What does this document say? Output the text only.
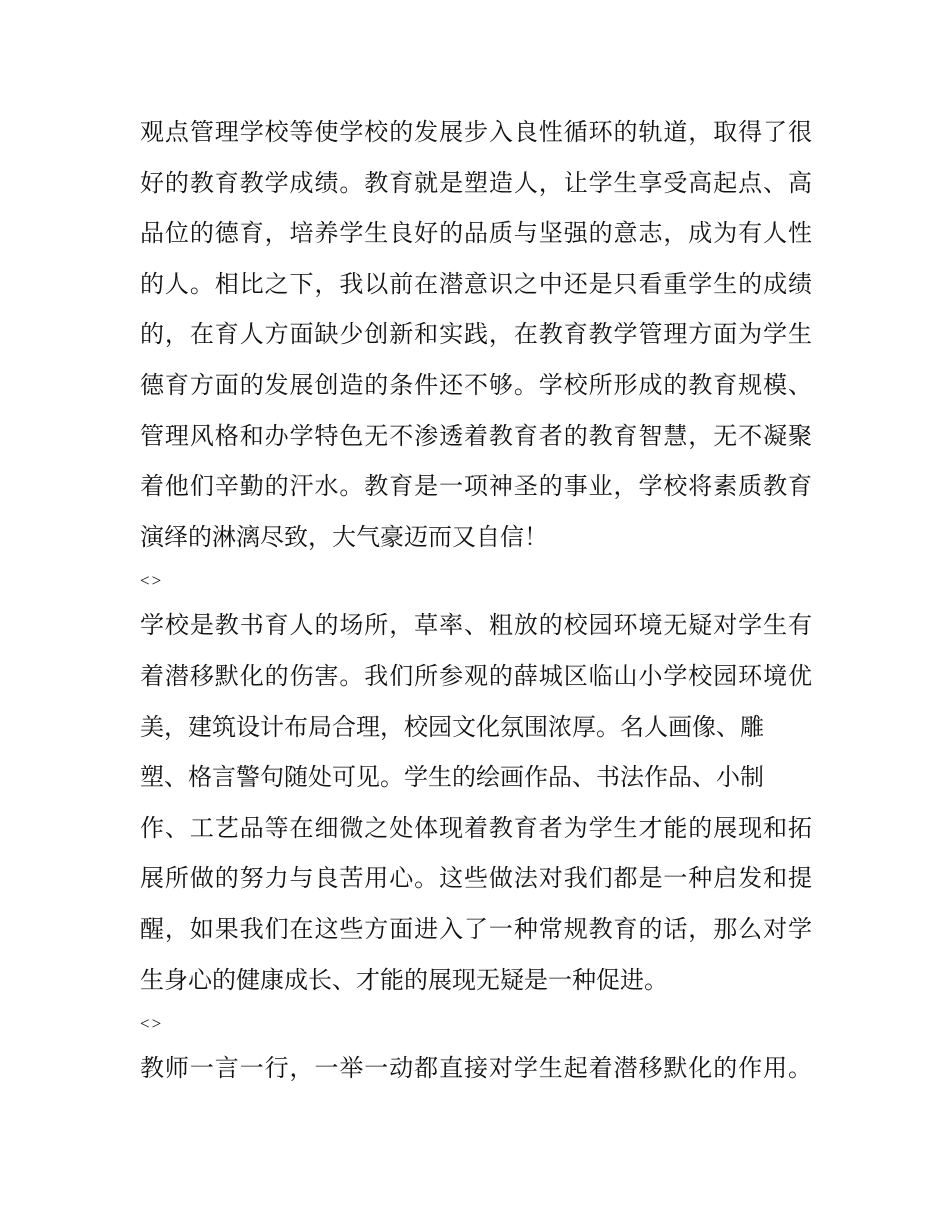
观点管理学校等使学校的发展步入良性循环的轨道，取得了很
好的教育教学成绩。教育就是塑造人，让学生享受高起点、高
品位的德育，培养学生良好的品质与坚强的意志，成为有人性
的人。相比之下，我以前在潜意识之中还是只看重学生的成绩
的，在育人方面缺少创新和实践，在教育教学管理方面为学生
德育方面的发展创造的条件还不够。学校所形成的教育规模、
管理风格和办学特色无不渗透着教育者的教育智慧，无不凝聚
着他们辛勤的汗水。教育是一项神圣的事业，学校将素质教育
演绎的淋漓尽致，大气豪迈而又自信！
<>
学校是教书育人的场所，草率、粗放的校园环境无疑对学生有
着潜移默化的伤害。我们所参观的薛城区临山小学校园环境优
美，建筑设计布局合理，校园文化氛围浓厚。名人画像、雕
塑、格言警句随处可见。学生的绘画作品、书法作品、小制
作、工艺品等在细微之处体现着教育者为学生才能的展现和拓
展所做的努力与良苦用心。这些做法对我们都是一种启发和提
醒，如果我们在这些方面进入了一种常规教育的话，那么对学
生身心的健康成长、才能的展现无疑是一种促进。
<>
教师一言一行，一举一动都直接对学生起着潜移默化的作用。
